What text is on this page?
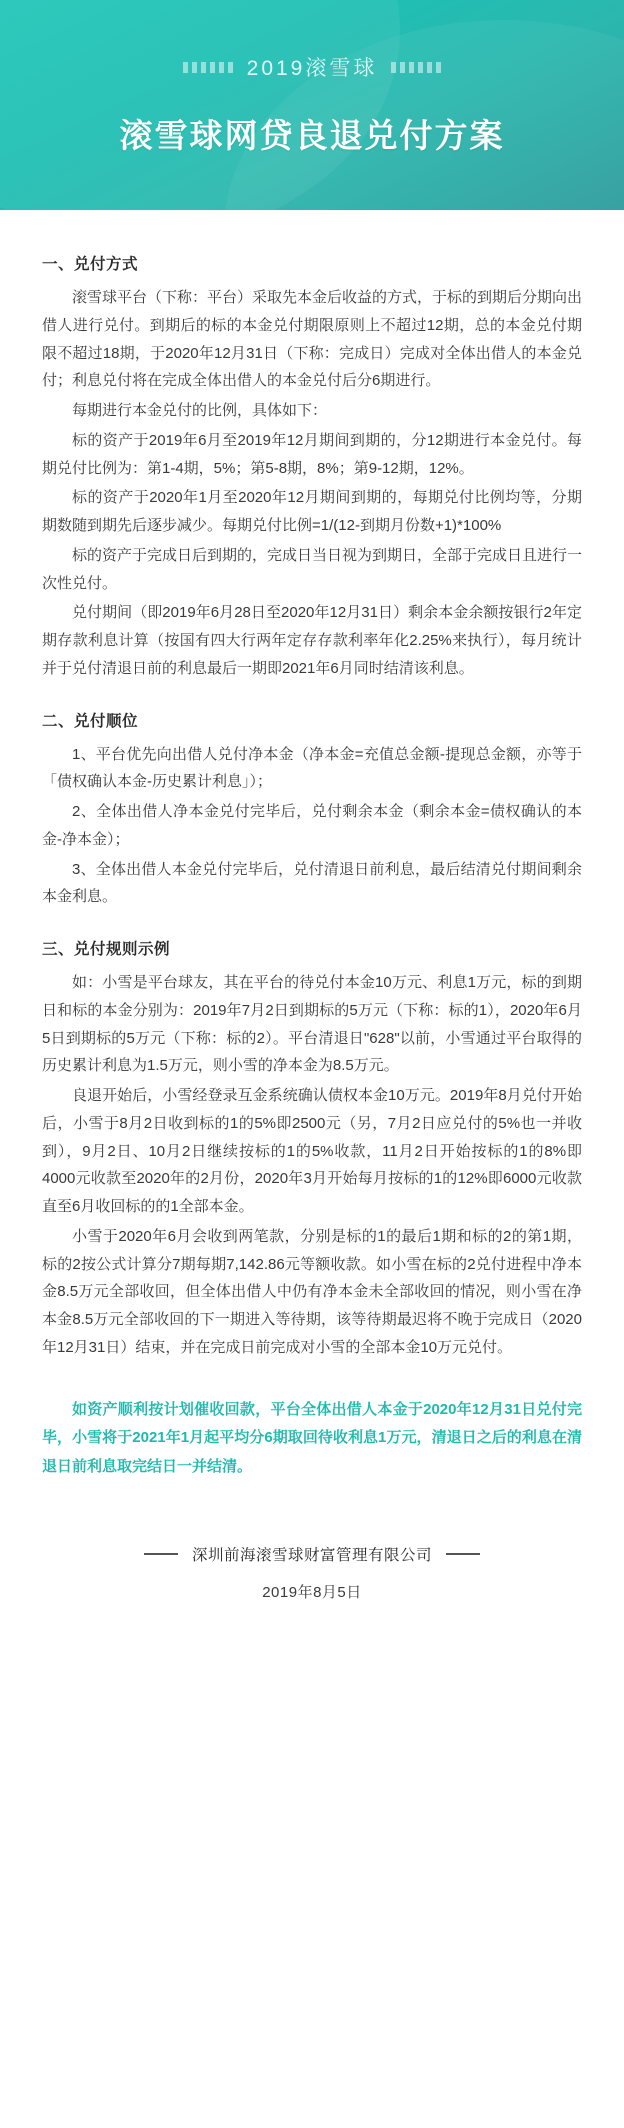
2019滚雪球
滚雪球网贷良退兑付方案
一、兑付方式

滚雪球平台（下称：平台）采取先本金后收益的方式，于标的到期后分期向出借人进行兑付。到期后的标的本金兑付期限原则上不超过12期，总的本金兑付期限不超过18期，于2020年12月31日（下称：完成日）完成对全体出借人的本金兑付；利息兑付将在完成全体出借人的本金兑付后分6期进行。

每期进行本金兑付的比例，具体如下：

标的资产于2019年6月至2019年12月期间到期的，分12期进行本金兑付。每期兑付比例为：第1-4期，5%；第5-8期，8%；第9-12期，12%。

标的资产于2020年1月至2020年12月期间到期的，每期兑付比例均等，分期期数随到期先后逐步减少。每期兑付比例=1/(12-到期月份数+1)*100%

标的资产于完成日后到期的，完成日当日视为到期日，全部于完成日且进行一次性兑付。

兑付期间（即2019年6月28日至2020年12月31日）剩余本金余额按银行2年定期存款利息计算（按国有四大行两年定存存款利率年化2.25%来执行），每月统计并于兑付清退日前的利息最后一期即2021年6月同时结清该利息。

二、兑付顺位

1、平台优先向出借人兑付净本金（净本金=充值总金额-提现总金额，亦等于「债权确认本金-历史累计利息」）；

2、全体出借人净本金兑付完毕后，兑付剩余本金（剩余本金=债权确认的本金-净本金）；

3、全体出借人本金兑付完毕后，兑付清退日前利息，最后结清兑付期间剩余本金利息。

三、兑付规则示例

如：小雪是平台球友，其在平台的待兑付本金10万元、利息1万元，标的到期日和标的本金分别为：2019年7月2日到期标的5万元（下称：标的1），2020年6月5日到期标的5万元（下称：标的2）。平台清退日"628"以前，小雪通过平台取得的历史累计利息为1.5万元，则小雪的净本金为8.5万元。

良退开始后，小雪经登录互金系统确认债权本金10万元。2019年8月兑付开始后，小雪于8月2日收到标的1的5%即2500元（另，7月2日应兑付的5%也一并收到），9月2日、10月2日继续按标的1的5%收款，11月2日开始按标的1的8%即4000元收款至2020年的2月份，2020年3月开始每月按标的1的12%即6000元收款直至6月收回标的的1全部本金。

小雪于2020年6月会收到两笔款，分别是标的1的最后1期和标的2的第1期，标的2按公式计算分7期每期7,142.86元等额收款。如小雪在标的2兑付进程中净本金8.5万元全部收回，但全体出借人中仍有净本金未全部收回的情况，则小雪在净本金8.5万元全部收回的下一期进入等待期，该等待期最迟将不晚于完成日（2020年12月31日）结束，并在完成日前完成对小雪的全部本金10万元兑付。

如资产顺利按计划催收回款，平台全体出借人本金于2020年12月31日兑付完毕，小雪将于2021年1月起平均分6期取回待收利息1万元，清退日之后的利息在清退日前利息取完结日一并结清。

深圳前海滚雪球财富管理有限公司
2019年8月5日
